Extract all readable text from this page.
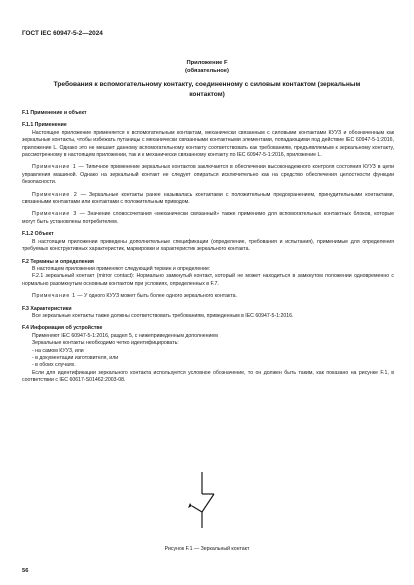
ГОСТ IEC 60947-5-2—2024
Приложение F
(обязательное)
Требования к вспомогательному контакту, соединенному с силовым контактом (зеркальным контактом)

F.1 Применение и объект

F.1.1 Применение

Настоящее приложение применяется к вспомогательным контактам, механически связанным с силовыми контактами КУУЗ и обозначенным как зеркальные контакты, чтобы избежать путаницы с механически связанными контактными элементами, попадающими под действие IEC 60947-5-1:2016, приложение L. Однако это не мешает данному вспомогательному контакту соответствовать как требованиям, предъявляемым к зеркальному контакту, рассмотренному в настоящем приложении, так и к механически связанному контакту по IEC 60947-5-1:2016, приложение L.

Примечание 1 — Типичное применение зеркальных контактов заключается в обеспечении высоконадежного контроля состояния КУУЗ в цепи управления машиной. Однако на зеркальный контакт не следует опираться исключительно как на средство обеспечения целостности функции безопасности.

Примечание 2 — Зеркальные контакты ранее называлась контактами с положительным предохранением, принудительными контактами, связанными контактами или контактами с положительным приводом.

Примечание 3 — Значение словосочетания «механически связанный» также применимо для вспомогательных контактных блоков, которые могут быть установлены потребителем.

F.1.2 Объект

В настоящем приложении приведены дополнительные спецификации (определение, требования и испытания), применимые для определения требуемых конструктивных характеристик, маркировки и характеристик зеркального контакта.

F.2 Термины и определения

В настоящем приложении применяют следующий термин и определение:

F.2.1 зеркальный контакт (mirror contact): Нормально замкнутый контакт, который не может находиться в замкнутом положении одновременно с нормально разомкнутым основным контактом при условиях, определенных в F.7.

Примечание 1 — У одного КУУЗ может быть более одного зеркального контакта.

F.3 Характеристики

Все зеркальные контакты также должны соответствовать требованиям, приведенным в IEC 60947-5-1:2016.

F.4 Информация об устройстве

Применяют IEC 60947-5-1:2016, раздел 5, с нижеприведенным дополнением

Зеркальные контакты необходимо четко идентифицировать:

- на самом КУУЗ, или
- в документации изготовителя, или
- в обоих случаях.

Если для идентификации зеркального контакта используется условное обозначение, то он должен быть таким, как показано на рисунке F.1, в соответствии с IEC 60617-S01462:2003-08.

Рисунок F.1 — Зеркальный контакт
56
